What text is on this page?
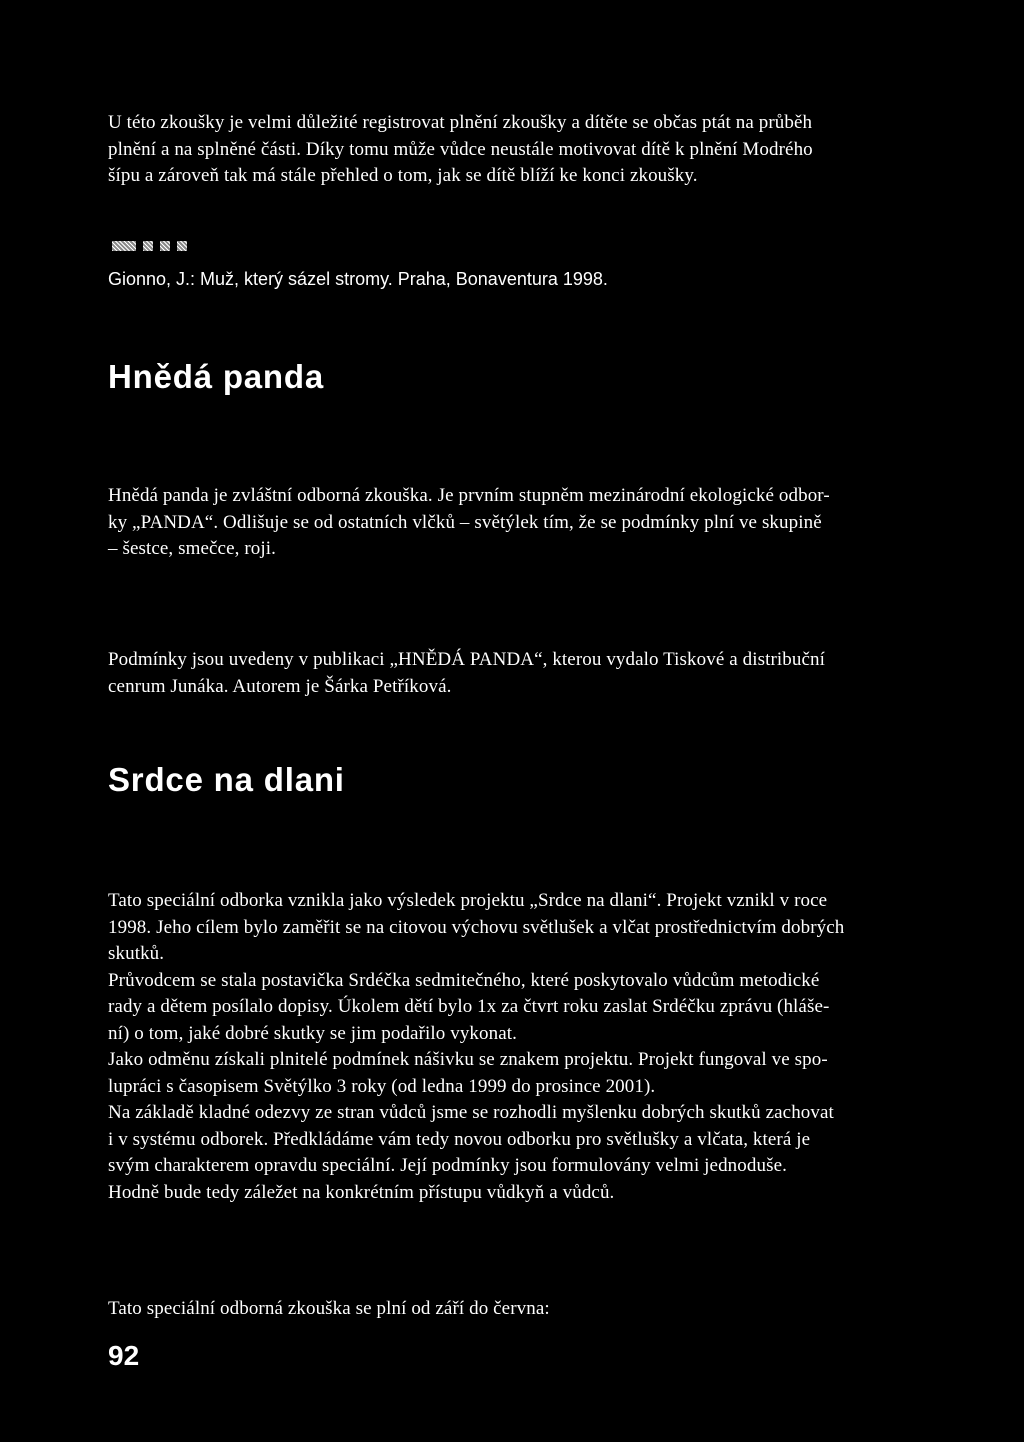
U této zkoušky je velmi důležité registrovat plnění zkoušky a dítěte se občas ptát na průběh
plnění a na splněné části. Díky tomu může vůdce neustále motivovat dítě k plnění Modrého
šípu a zároveň tak má stále přehled o tom, jak se dítě blíží ke konci zkoušky.

Gionno, J.: Muž, který sázel stromy. Praha, Bonaventura 1998.

Hnědá panda

Hnědá panda je zvláštní odborná zkouška. Je prvním stupněm mezinárodní ekologické odbor-
ky „PANDA“. Odlišuje se od ostatních vlčků – světýlek tím, že se podmínky plní ve skupině
– šestce, smečce, roji.

Podmínky jsou uvedeny v publikaci „HNĚDÁ PANDA“, kterou vydalo Tiskové a distribuční
cenrum Junáka. Autorem je Šárka Petříková.

Srdce na dlani

Tato speciální odborka vznikla jako výsledek projektu „Srdce na dlani“. Projekt vznikl v roce
1998. Jeho cílem bylo zaměřit se na citovou výchovu světlušek a vlčat prostřednictvím dobrých
skutků.
Průvodcem se stala postavička Srdéčka sedmitečného, které poskytovalo vůdcům metodické
rady a dětem posílalo dopisy. Úkolem dětí bylo 1x za čtvrt roku zaslat Srdéčku zprávu (hláše-
ní) o tom, jaké dobré skutky se jim podařilo vykonat.
Jako odměnu získali plnitelé podmínek nášivku se znakem projektu. Projekt fungoval ve spo-
lupráci s časopisem Světýlko 3 roky (od ledna 1999 do prosince 2001).
Na základě kladné odezvy ze stran vůdců jsme se rozhodli myšlenku dobrých skutků zachovat
i v systému odborek. Předkládáme vám tedy novou odborku pro světlušky a vlčata, která je
svým charakterem opravdu speciální. Její podmínky jsou formulovány velmi jednoduše.
Hodně bude tedy záležet na konkrétním přístupu vůdkyň a vůdců.

Tato speciální odborná zkouška se plní od září do června:

92
